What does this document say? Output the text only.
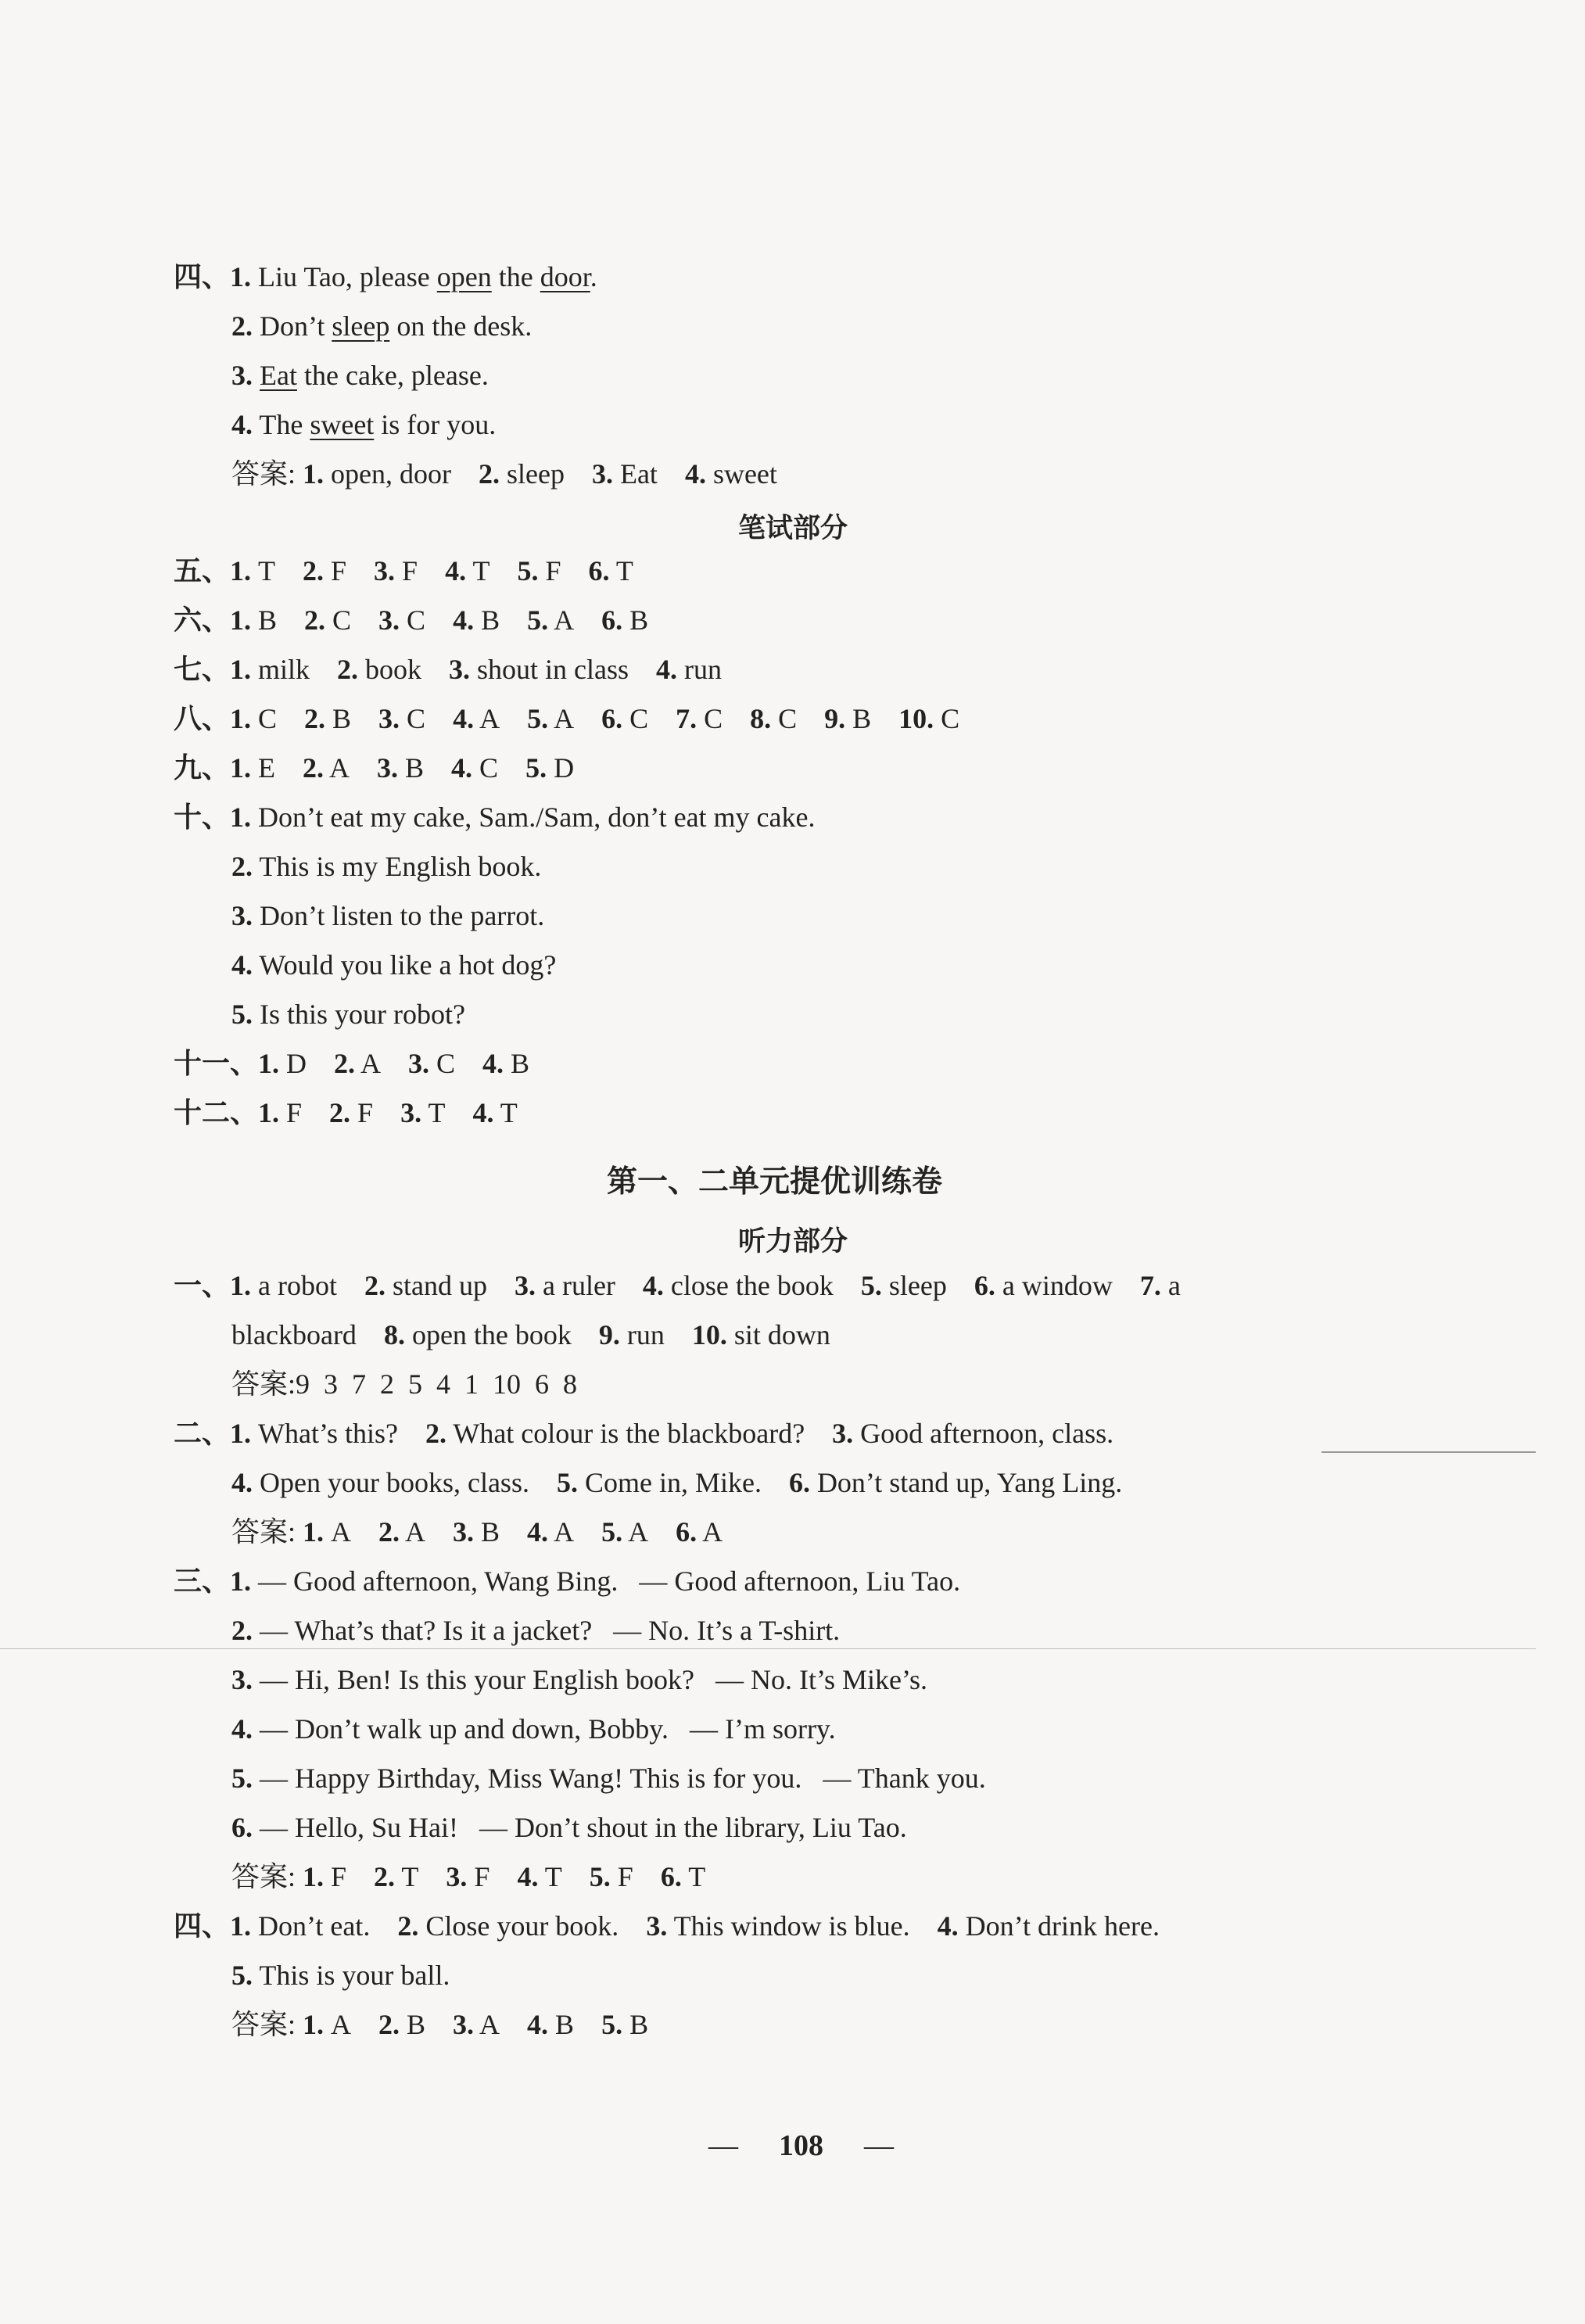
四、1. Liu Tao, please open the door.
2. Don’t sleep on the desk.
3. Eat the cake, please.
4. The sweet is for you.
答案: 1. open, door 2. sleep 3. Eat 4. sweet
笔试部分
五、1. T 2. F 3. F 4. T 5. F 6. T
六、1. B 2. C 3. C 4. B 5. A 6. B
七、1. milk 2. book 3. shout in class 4. run
八、1. C 2. B 3. C 4. A 5. A 6. C 7. C 8. C 9. B 10. C
九、1. E 2. A 3. B 4. C 5. D
十、1. Don’t eat my cake, Sam./Sam, don’t eat my cake.
2. This is my English book.
3. Don’t listen to the parrot.
4. Would you like a hot dog?
5. Is this your robot?
十一、1. D 2. A 3. C 4. B
十二、1. F 2. F 3. T 4. T
第一、二单元提优训练卷
听力部分
一、1. a robot 2. stand up 3. a ruler 4. close the book 5. sleep 6. a window 7. a
blackboard 8. open the book 9. run 10. sit down
答案:9  3  7  2  5  4  1  10  6  8
二、1. What’s this? 2. What colour is the blackboard? 3. Good afternoon, class.
4. Open your books, class. 5. Come in, Mike. 6. Don’t stand up, Yang Ling.
答案: 1. A 2. A 3. B 4. A 5. A 6. A
三、1. — Good afternoon, Wang Bing.   — Good afternoon, Liu Tao.
2. — What’s that? Is it a jacket?   — No. It’s a T-shirt.
3. — Hi, Ben! Is this your English book?   — No. It’s Mike’s.
4. — Don’t walk up and down, Bobby.   — I’m sorry.
5. — Happy Birthday, Miss Wang! This is for you.   — Thank you.
6. — Hello, Su Hai!   — Don’t shout in the library, Liu Tao.
答案: 1. F 2. T 3. F 4. T 5. F 6. T
四、1. Don’t eat. 2. Close your book. 3. This window is blue. 4. Don’t drink here.
5. This is your ball.
答案: 1. A 2. B 3. A 4. B 5. B
— 108 —
